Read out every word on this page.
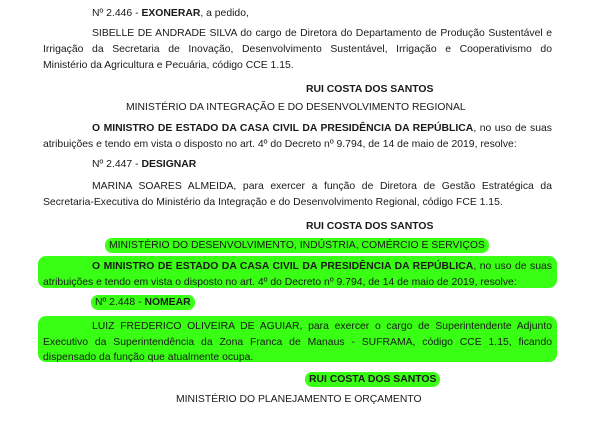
Nº 2.446 - EXONERAR, a pedido,
SIBELLE DE ANDRADE SILVA do cargo de Diretora do Departamento de Produção Sustentável e
Irrigação da Secretaria de Inovação, Desenvolvimento Sustentável, Irrigação e Cooperativismo do
Ministério da Agricultura e Pecuária, código CCE 1.15.
RUI COSTA DOS SANTOS
MINISTÉRIO DA INTEGRAÇÃO E DO DESENVOLVIMENTO REGIONAL
O MINISTRO DE ESTADO DA CASA CIVIL DA PRESIDÊNCIA DA REPÚBLICA, no uso de suas
atribuições e tendo em vista o disposto no art. 4º do Decreto nº 9.794, de 14 de maio de 2019, resolve:
Nº 2.447 - DESIGNAR
MARINA SOARES ALMEIDA, para exercer a função de Diretora de Gestão Estratégica da
Secretaria-Executiva do Ministério da Integração e do Desenvolvimento Regional, código FCE 1.15.
RUI COSTA DOS SANTOS
MINISTÉRIO DO DESENVOLVIMENTO, INDÚSTRIA, COMÉRCIO E SERVIÇOS
O MINISTRO DE ESTADO DA CASA CIVIL DA PRESIDÊNCIA DA REPÚBLICA, no uso de suas
atribuições e tendo em vista o disposto no art. 4º do Decreto nº 9.794, de 14 de maio de 2019, resolve:
Nº 2.448 - NOMEAR
LUIZ FREDERICO OLIVEIRA DE AGUIAR, para exercer o cargo de Superintendente Adjunto
Executivo da Superintendência da Zona Franca de Manaus - SUFRAMA, código CCE 1.15, ficando
dispensado da função que atualmente ocupa.
RUI COSTA DOS SANTOS
MINISTÉRIO DO PLANEJAMENTO E ORÇAMENTO
